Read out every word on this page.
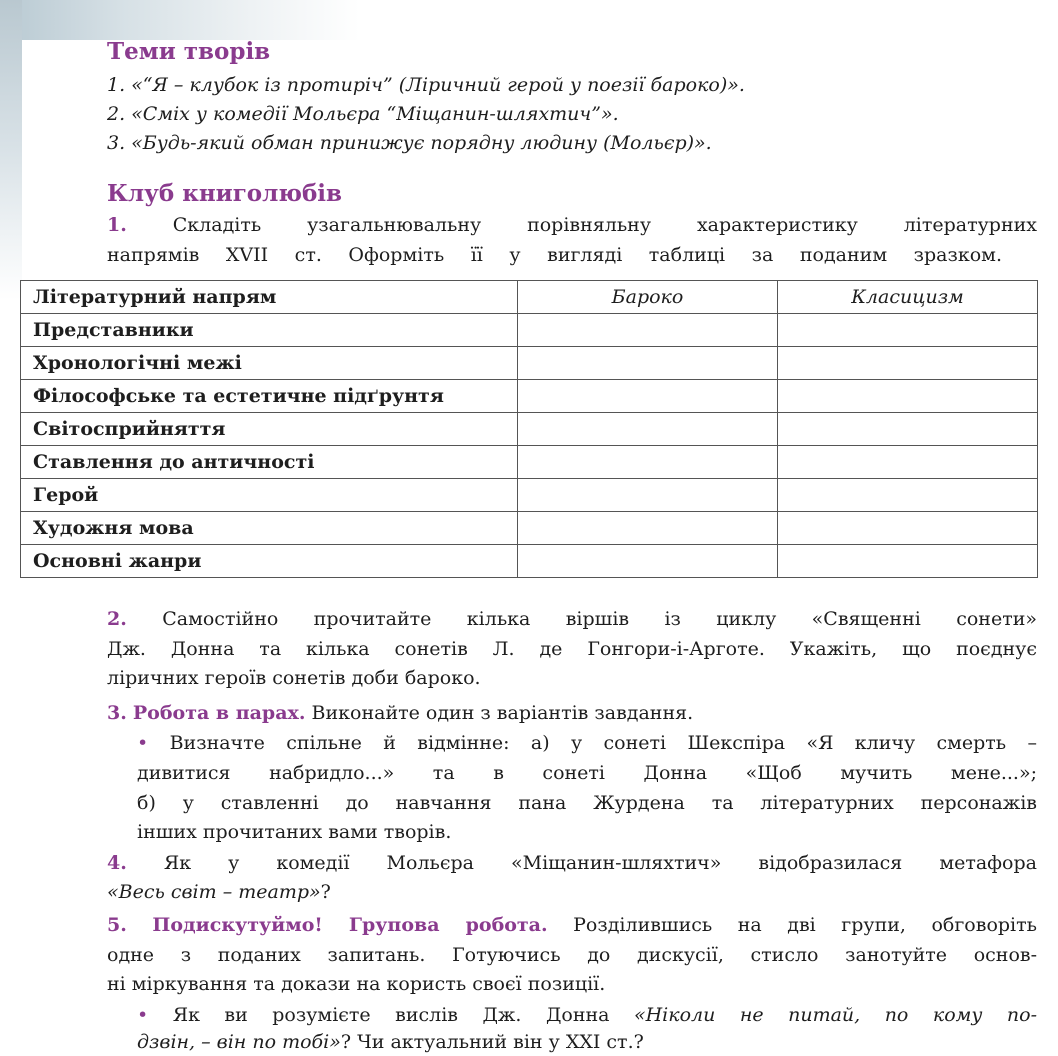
Теми творів

1. «“Я – клубок із протиріч” (Ліричний герой у поезії бароко)».

2. «Сміх у комедії Мольєра “Міщанин-шляхтич”».

3. «Будь-який обман принижує порядну людину (Мольєр)».

Клуб книголюбів

1. Складіть узагальнювальну порівняльну характеристику літературних

напрямів XVII ст. Оформіть її у вигляді таблиці за поданим зразком.

Літературний напрям	Бароко	Класицизм
Представники		
Хронологічні межі		
Філософське та естетичне підґрунтя		
Світосприйняття		
Ставлення до античності		
Герой		
Художня мова		
Основні жанри		

2. Самостійно прочитайте кілька віршів із циклу «Священні сонети»

Дж. Донна та кілька сонетів Л. де Гонгори-і-Арготе. Укажіть, що поєднує

ліричних героїв сонетів доби бароко.

3. Робота в парах. Виконайте один з варіантів завдання.

• Визначте спільне й відмінне: а) у сонеті Шекспіра «Я кличу смерть –

дивитися набридло...» та в сонеті Донна «Щоб мучить мене...»;

б) у ставленні до навчання пана Журдена та літературних персонажів

інших прочитаних вами творів.

4. Як у комедії Мольєра «Міщанин-шляхтич» відобразилася метафора

«Весь світ – театр»?

5. Подискутуймо! Групова робота. Розділившись на дві групи, обговоріть

одне з поданих запитань. Готуючись до дискусії, стисло занотуйте основ-

ні міркування та докази на користь своєї позиції.

• Як ви розумієте вислів Дж. Донна «Ніколи не питай, по кому по-

дзвін, – він по тобі»? Чи актуальний він у XXI ст.?
